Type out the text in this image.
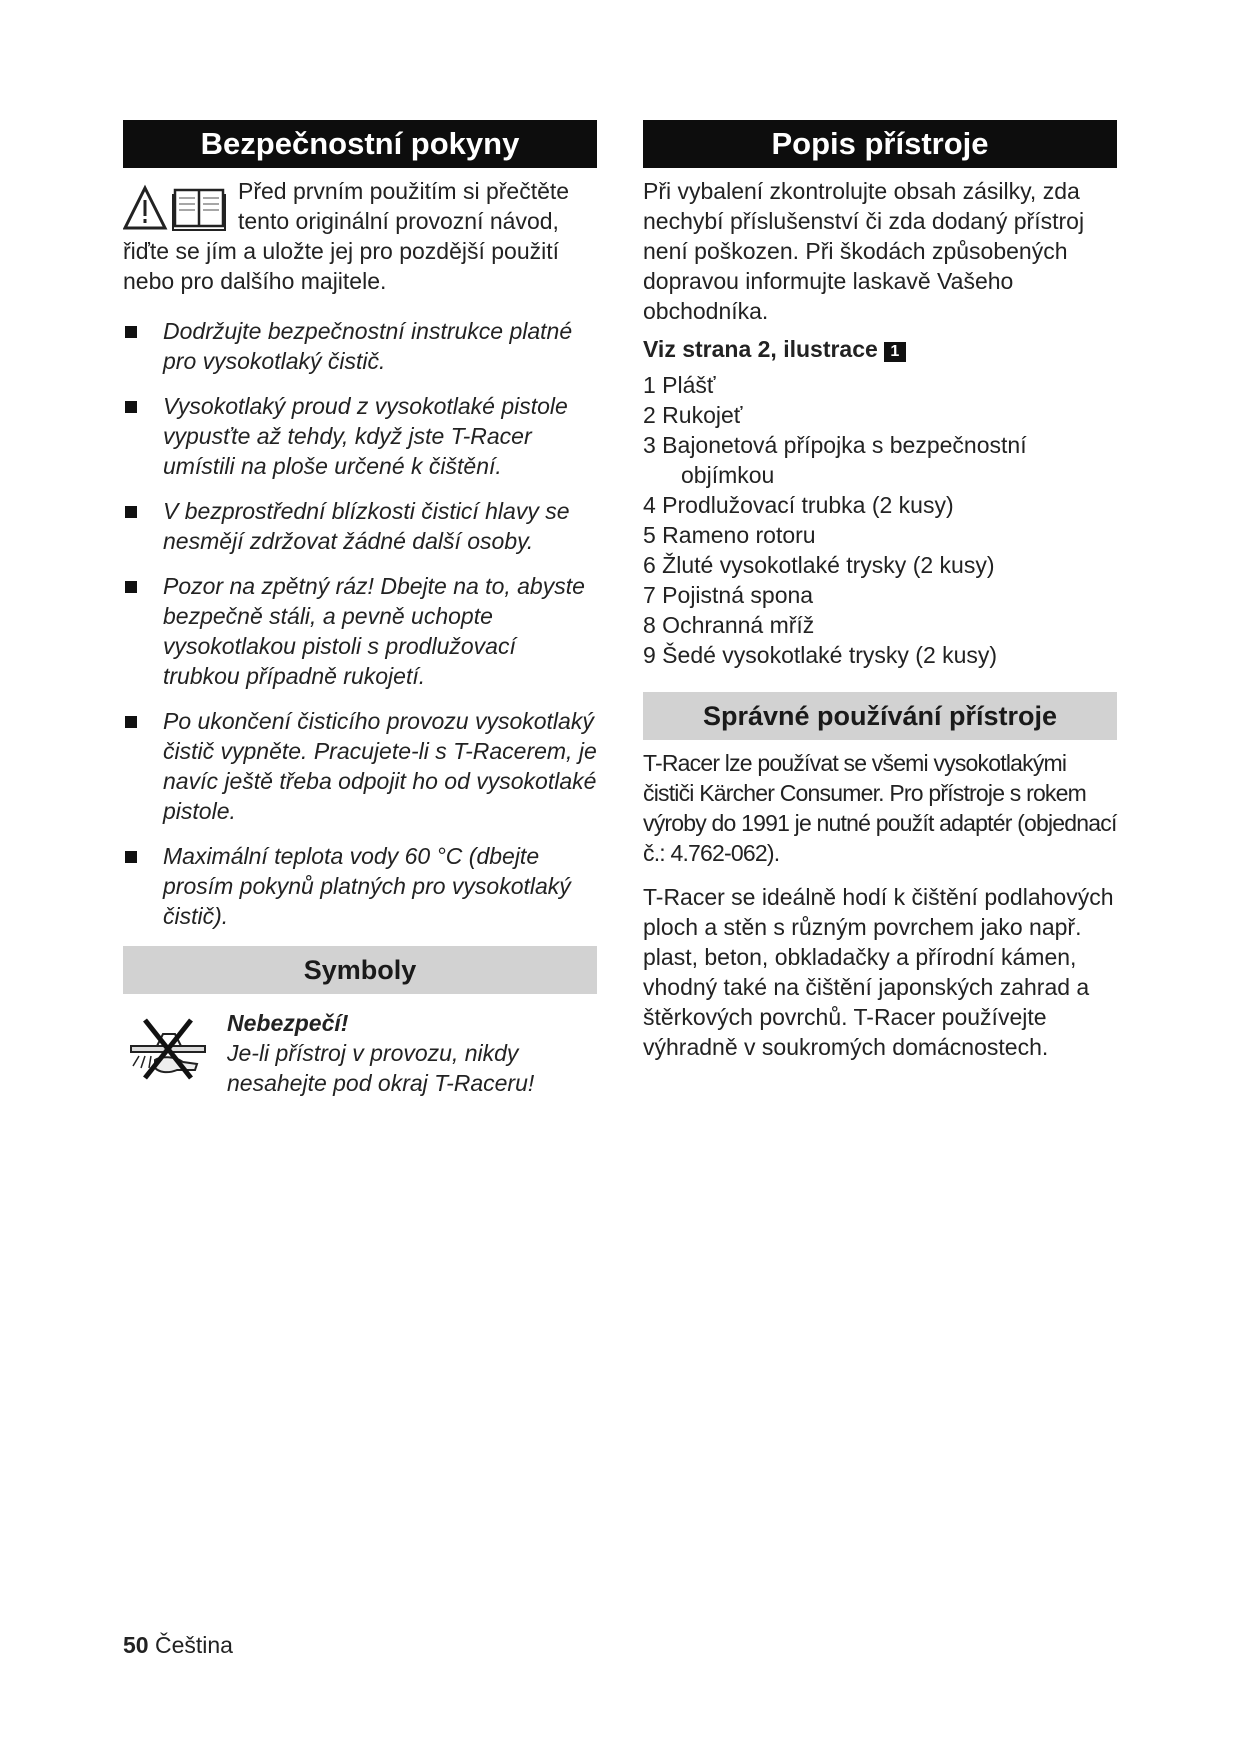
Bezpečnostní pokyny

Před prvním použitím si přečtěte tento originální provozní návod, řiďte se jím a uložte jej pro pozdější použití nebo pro dalšího majitele.

Dodržujte bezpečnostní instrukce platné pro vysokotlaký čistič.
Vysokotlaký proud z vysokotlaké pistole vypusťte až tehdy, když jste T-Racer umístili na ploše určené k čištění.
V bezprostřední blízkosti čisticí hlavy se nesmějí zdržovat žádné další osoby.
Pozor na zpětný ráz! Dbejte na to, abyste bezpečně stáli, a pevně uchopte vysokotlakou pistoli s prodlužovací trubkou případně rukojetí.
Po ukončení čisticího provozu vysokotlaký čistič vypněte. Pracujete-li s T-Racerem, je navíc ještě třeba odpojit ho od vysokotlaké pistole.
Maximální teplota vody 60 °C (dbejte prosím pokynů platných pro vysokotlaký čistič).
Symboly
Nebezpečí!

Je-li přístroj v provozu, nikdy nesahejte pod okraj T-Raceru!

Popis přístroje

Při vybalení zkontrolujte obsah zásilky, zda nechybí příslušenství či zda dodaný přístroj není poškozen. Při škodách způsobených dopravou informujte laskavě Vašeho obchodníka.

Viz strana 2, ilustrace 1
1 Plášť
2 Rukojeť
3 Bajonetová přípojka s bezpečnostní objímkou
4 Prodlužovací trubka (2 kusy)
5 Rameno rotoru
6 Žluté vysokotlaké trysky (2 kusy)
7 Pojistná spona
8 Ochranná mříž
9 Šedé vysokotlaké trysky (2 kusy)
Správné používání přístroje

T-Racer lze používat se všemi vysokotlakými čističi Kärcher Consumer. Pro přístroje s rokem výroby do 1991 je nutné použít adaptér (objednací č.: 4.762-062).

T-Racer se ideálně hodí k čištění podlahových ploch a stěn s různým povrchem jako např. plast, beton, obkladačky a přírodní kámen, vhodný také na čištění japonských zahrad a štěrkových povrchů. T-Racer používejte výhradně v soukromých domácnostech.

50 Čeština
